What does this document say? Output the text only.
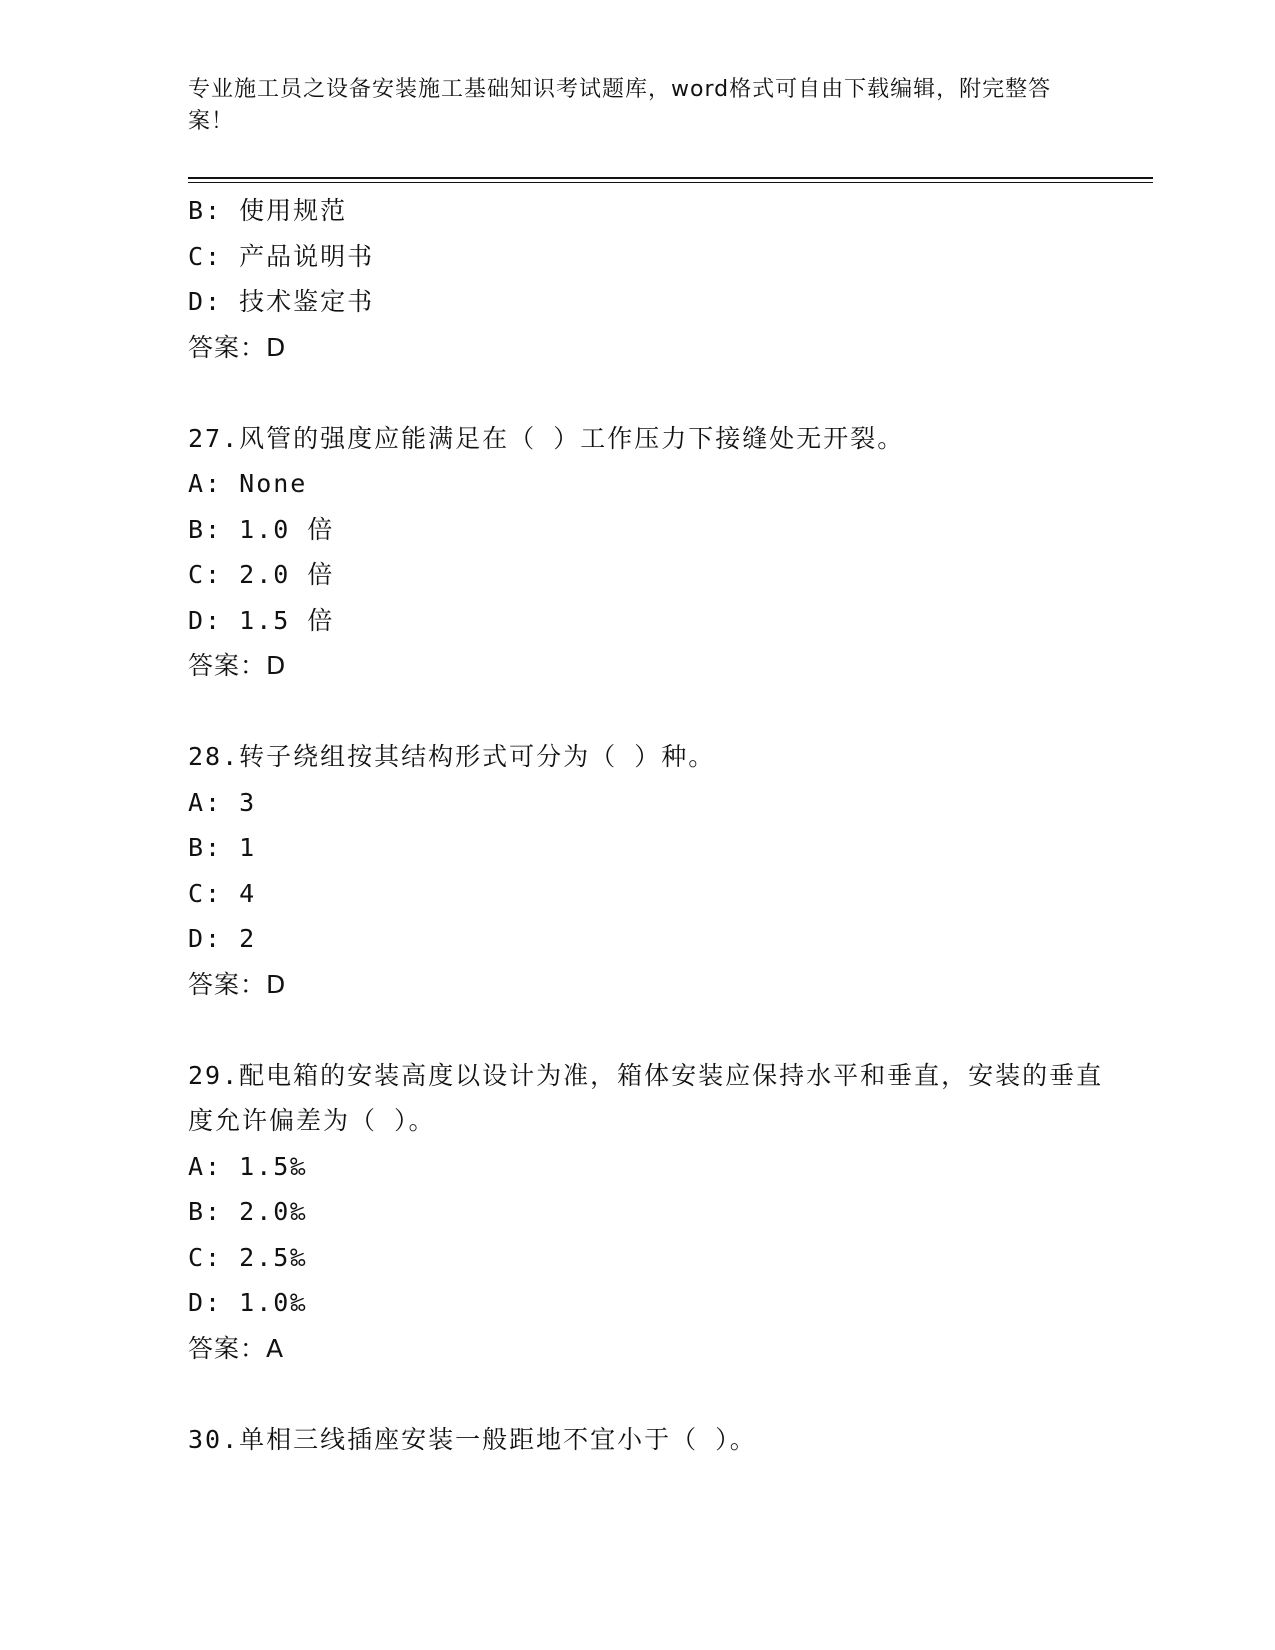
专业施工员之设备安装施工基础知识考试题库，word格式可自由下载编辑，附完整答案！
B: 使用规范
C: 产品说明书
D: 技术鉴定书
答案：D
27.风管的强度应能满足在（ ）工作压力下接缝处无开裂。
A: None
B: 1.0 倍
C: 2.0 倍
D: 1.5 倍
答案：D
28.转子绕组按其结构形式可分为（ ）种。
A: 3
B: 1
C: 4
D: 2
答案：D
29.配电箱的安装高度以设计为准，箱体安装应保持水平和垂直，安装的垂直度允许偏差为（ ）。
A: 1.5‰
B: 2.0‰
C: 2.5‰
D: 1.0‰
答案：A
30.单相三线插座安装一般距地不宜小于（ ）。
